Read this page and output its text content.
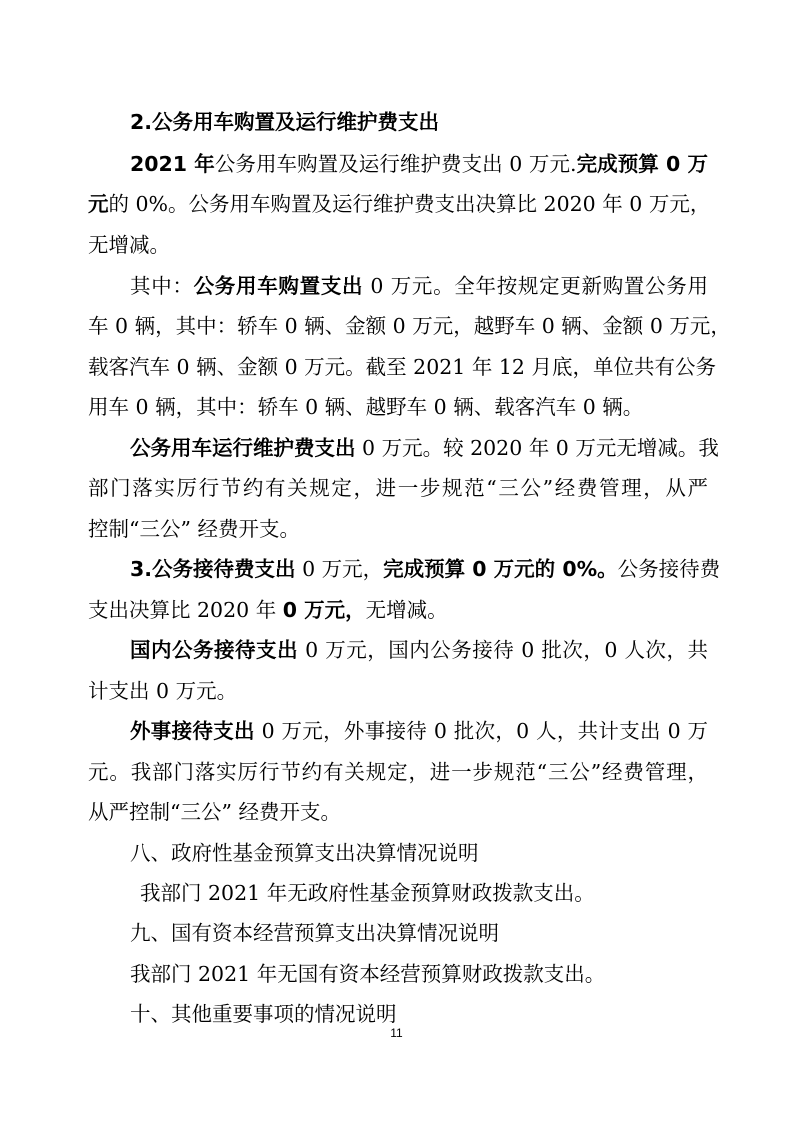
2.公务用车购置及运行维护费支出
2021 年公务用车购置及运行维护费支出 0 万元.完成预算 0 万
元的 0%。公务用车购置及运行维护费支出决算比 2020 年 0 万元，
无增减。
其中：公务用车购置支出 0 万元。全年按规定更新购置公务用
车 0 辆，其中：轿车 0 辆、金额 0 万元，越野车 0 辆、金额 0 万元，
载客汽车 0 辆、金额 0 万元。截至 2021 年 12 月底，单位共有公务
用车 0 辆，其中：轿车 0 辆、越野车 0 辆、载客汽车 0 辆。
公务用车运行维护费支出 0 万元。较 2020 年 0 万元无增减。我
部门落实厉行节约有关规定，进一步规范“三公”经费管理，从严
控制“三公” 经费开支。
3.公务接待费支出 0 万元，完成预算 0 万元的 0%。公务接待费
支出决算比 2020 年 0 万元，无增减。
国内公务接待支出 0 万元，国内公务接待 0 批次，0 人次，共
计支出 0 万元。
外事接待支出 0 万元，外事接待 0 批次，0 人，共计支出 0 万
元。我部门落实厉行节约有关规定，进一步规范“三公”经费管理，
从严控制“三公” 经费开支。
八、政府性基金预算支出决算情况说明
我部门 2021 年无政府性基金预算财政拨款支出。
九、国有资本经营预算支出决算情况说明
我部门 2021 年无国有资本经营预算财政拨款支出。
十、其他重要事项的情况说明
11
